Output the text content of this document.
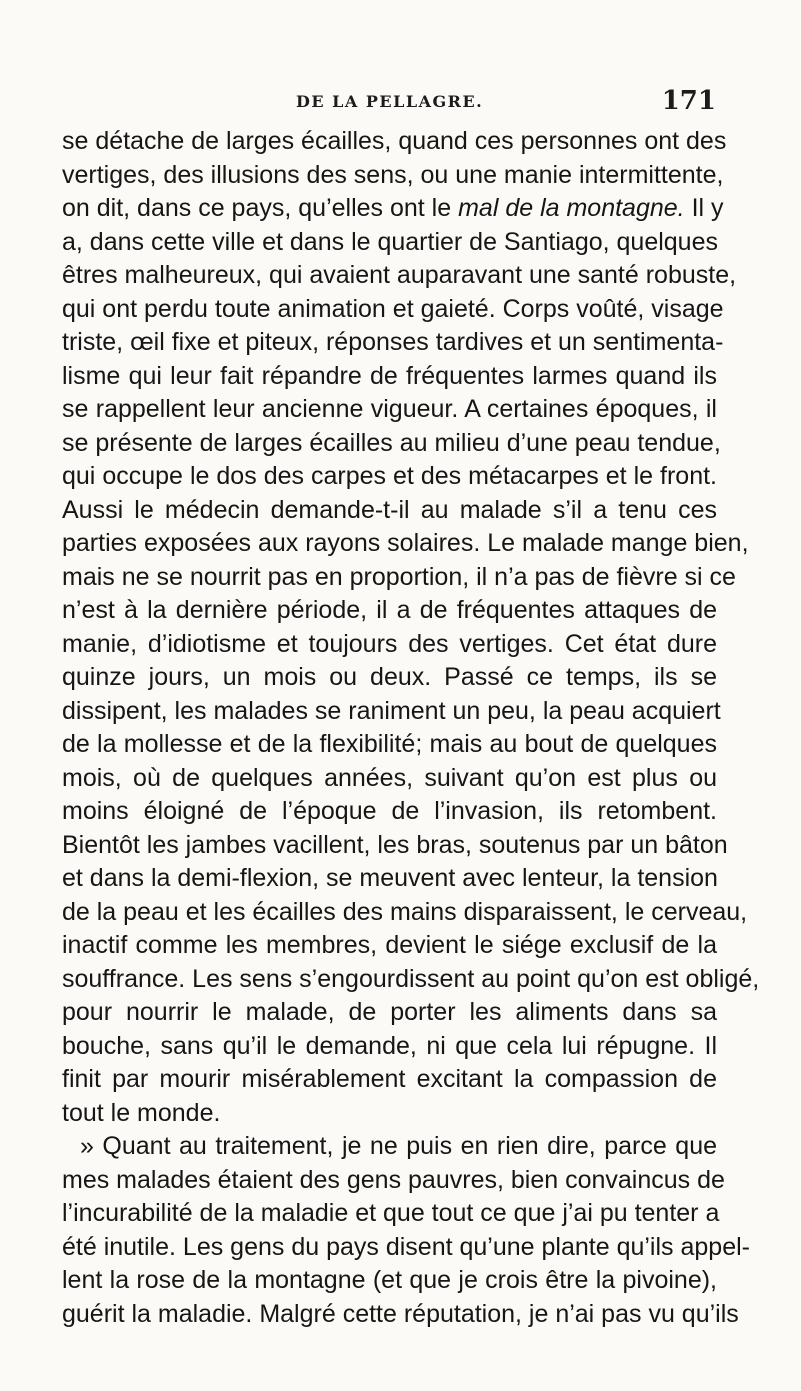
DE LA PELLAGRE.	171
se détache de larges écailles, quand ces personnes ont des
vertiges, des illusions des sens, ou une manie intermittente,
on dit, dans ce pays, qu’elles ont le mal de la montagne. Il y
a, dans cette ville et dans le quartier de Santiago, quelques
êtres malheureux, qui avaient auparavant une santé robuste,
qui ont perdu toute animation et gaieté. Corps voûté, visage
triste, œil fixe et piteux, réponses tardives et un sentimenta-
lisme qui leur fait répandre de fréquentes larmes quand ils
se rappellent leur ancienne vigueur. A certaines époques, il
se présente de larges écailles au milieu d’une peau tendue,
qui occupe le dos des carpes et des métacarpes et le front.
Aussi le médecin demande-t-il au malade s’il a tenu ces
parties exposées aux rayons solaires. Le malade mange bien,
mais ne se nourrit pas en proportion, il n’a pas de fièvre si ce
n’est à la dernière période, il a de fréquentes attaques de
manie, d’idiotisme et toujours des vertiges. Cet état dure
quinze jours, un mois ou deux. Passé ce temps, ils se
dissipent, les malades se raniment un peu, la peau acquiert
de la mollesse et de la flexibilité; mais au bout de quelques
mois, où de quelques années, suivant qu’on est plus ou
moins éloigné de l’époque de l’invasion, ils retombent.
Bientôt les jambes vacillent, les bras, soutenus par un bâton
et dans la demi-flexion, se meuvent avec lenteur, la tension
de la peau et les écailles des mains disparaissent, le cerveau,
inactif comme les membres, devient le siége exclusif de la
souffrance. Les sens s’engourdissent au point qu’on est obligé,
pour nourrir le malade, de porter les aliments dans sa
bouche, sans qu’il le demande, ni que cela lui répugne. Il
finit par mourir misérablement excitant la compassion de
tout le monde.
» Quant au traitement, je ne puis en rien dire, parce que
mes malades étaient des gens pauvres, bien convaincus de
l’incurabilité de la maladie et que tout ce que j’ai pu tenter a
été inutile. Les gens du pays disent qu’une plante qu’ils appel-
lent la rose de la montagne (et que je crois être la pivoine),
guérit la maladie. Malgré cette réputation, je n’ai pas vu qu’ils
